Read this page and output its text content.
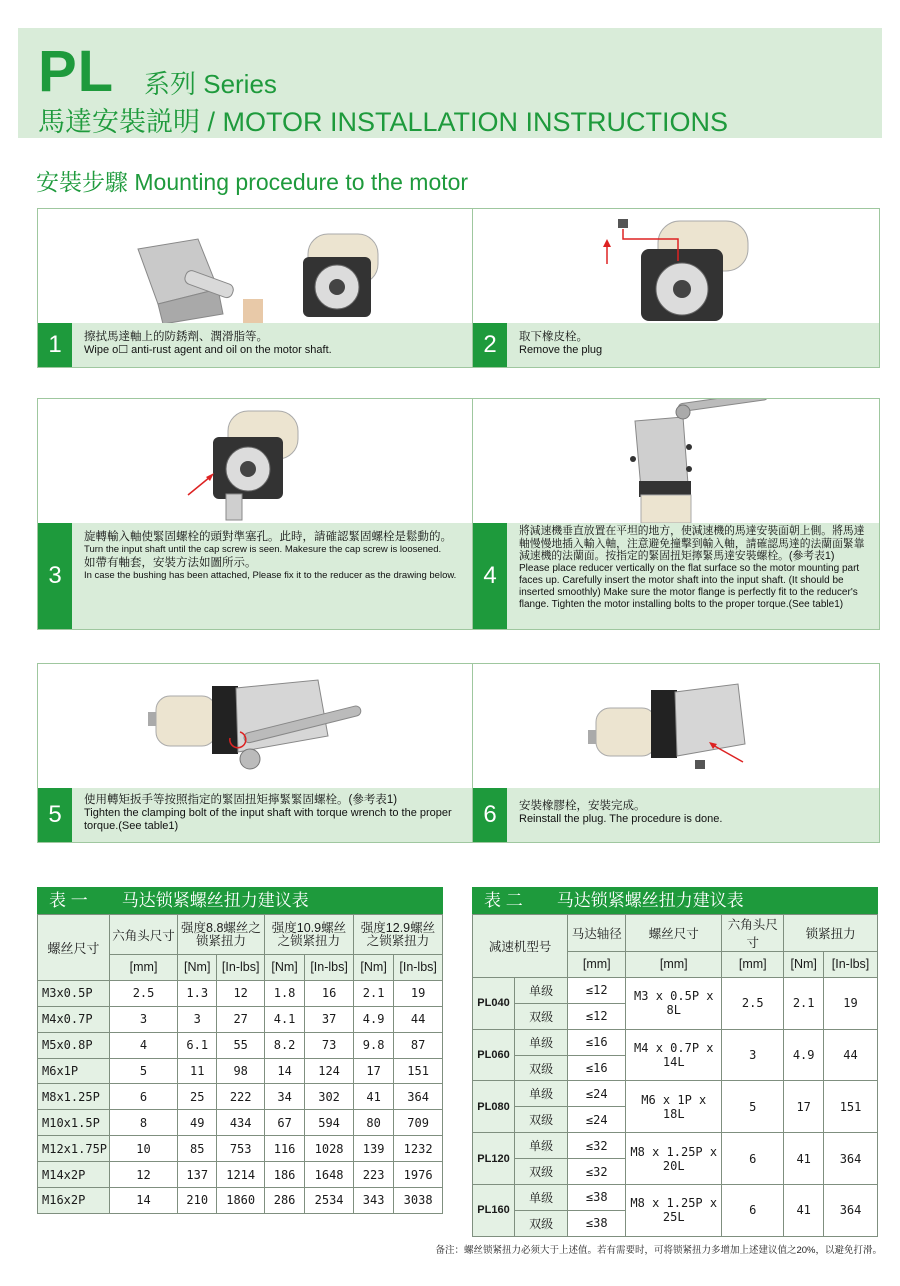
PL 系列 Series
馬達安裝説明 / MOTOR INSTALLATION INSTRUCTIONS
安裝步驟 Mounting procedure to the motor
1	擦拭馬達軸上的防銹劑、潤滑脂等。
Wipe o☐ anti-rust agent and oil on the motor shaft.	2	取下橡皮栓。
Remove the plug
3
旋轉輸入軸使緊固螺栓的頭對準塞孔。此時，請確認緊固螺栓是鬆動的。
Turn the input shaft until the cap screw is seen. Makesure the cap screw is loosened.
如帶有軸套，安裝方法如圖所示。
In case the bushing has been attached, Please fix it to the reducer as the drawing below.	4
將減速機垂直放置在平坦的地方，使減速機的馬達安裝面朝上側。將馬達軸慢慢地插入輸入軸，注意避免撞擊到輸入軸，請確認馬達的法蘭面緊靠減速機的法蘭面。按指定的緊固扭矩擰緊馬達安裝螺栓。(參考表1)
Please place reducer vertically on the flat surface so the motor mounting part faces up. Carefully insert the motor shaft into the input shaft. (It should be inserted smoothly) Make sure the motor flange is perfectly fit to the reducer's flange. Tighten the motor installing bolts to the proper torque.(See table1)
5
使用轉矩扳手等按照指定的緊固扭矩擰緊緊固螺栓。(參考表1)
Tighten the clamping bolt of the input shaft with torque wrench to the proper torque.(See table1)	6	安裝橡膠栓，安裝完成。
Reinstall the plug. The procedure is done.
表 一 马达锁紧螺丝扭力建议表
螺丝尺寸	六角头尺寸	强度8.8螺丝之锁紧扭力		强度10.9螺丝之锁紧扭力		强度12.9螺丝之锁紧扭力	
	[mm]	[Nm]	[In-lbs]	[Nm]	[In-lbs]	[Nm]	[In-lbs]
M3x0.5P	2.5	1.3	12	1.8	16	2.1	19
M4x0.7P	3	3	27	4.1	37	4.9	44
M5x0.8P	4	6.1	55	8.2	73	9.8	87
M6x1P	5	11	98	14	124	17	151
M8x1.25P	6	25	222	34	302	41	364
M10x1.5P	8	49	434	67	594	80	709
M12x1.75P	10	85	753	116	1028	139	1232
M14x2P	12	137	1214	186	1648	223	1976
M16x2P	14	210	1860	286	2534	343	3038
表 二 马达锁紧螺丝扭力建议表
减速机型号		马达轴径	螺丝尺寸	六角头尺寸	锁紧扭力	
		[mm]	[mm]	[mm]	[Nm]	[In-lbs]
PL040	单级	≤12	M3 x 0.5P x 8L	2.5	2.1	19
	双级	≤12				
PL060	单级	≤16	M4 x 0.7P x 14L	3	4.9	44
	双级	≤16				
PL080	单级	≤24	M6 x 1P x 18L	5	17	151
	双级	≤24				
PL120	单级	≤32	M8 x 1.25P x 20L	6	41	364
	双级	≤32				
PL160	单级	≤38	M8 x 1.25P x 25L	6	41	364
	双级	≤38				
备注：螺丝锁紧扭力必须大于上述值。若有需要时，可将锁紧扭力多增加上述建议值之20%，以避免打滑。
